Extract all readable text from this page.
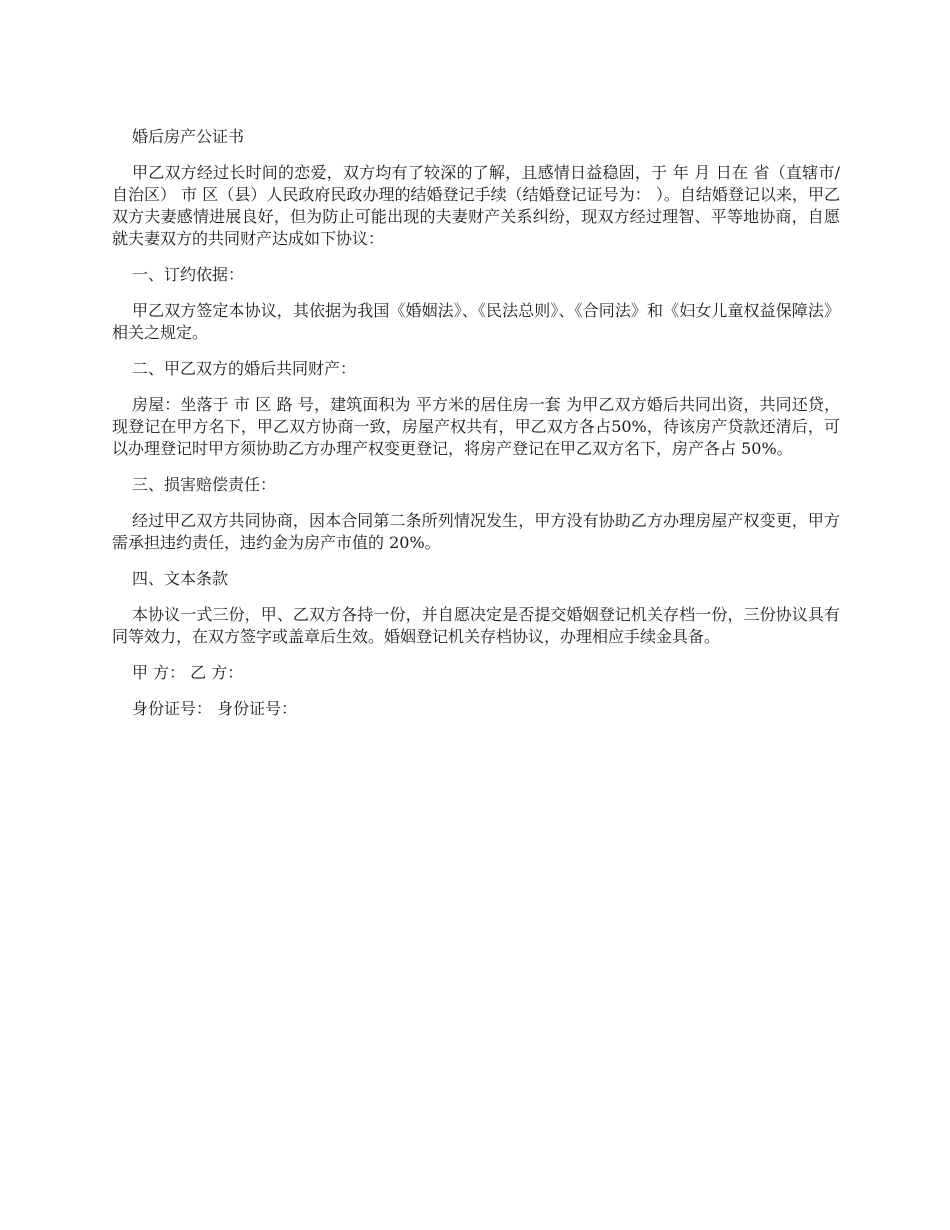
婚后房产公证书

甲乙双方经过长时间的恋爱，双方均有了较深的了解，且感情日益稳固，于 年 月 日在 省（直辖市/自治区） 市 区（县）人民政府民政办理的结婚登记手续（结婚登记证号为： ）。自结婚登记以来，甲乙双方夫妻感情进展良好，但为防止可能出现的夫妻财产关系纠纷，现双方经过理智、平等地协商，自愿就夫妻双方的共同财产达成如下协议：

一、订约依据：

甲乙双方签定本协议，其依据为我国《婚姻法》、《民法总则》、《合同法》和《妇女儿童权益保障法》相关之规定。

二、甲乙双方的婚后共同财产：

房屋：坐落于 市 区 路 号，建筑面积为 平方米的居住房一套 为甲乙双方婚后共同出资，共同还贷，现登记在甲方名下，甲乙双方协商一致，房屋产权共有，甲乙双方各占50%，待该房产贷款还清后，可以办理登记时甲方须协助乙方办理产权变更登记，将房产登记在甲乙双方名下，房产各占 50%。

三、损害赔偿责任：

经过甲乙双方共同协商，因本合同第二条所列情况发生，甲方没有协助乙方办理房屋产权变更，甲方需承担违约责任，违约金为房产市值的 20%。

四、文本条款

本协议一式三份，甲、乙双方各持一份，并自愿决定是否提交婚姻登记机关存档一份，三份协议具有同等效力，在双方签字或盖章后生效。婚姻登记机关存档协议，办理相应手续金具备。

甲 方： 乙 方：

身份证号： 身份证号：
